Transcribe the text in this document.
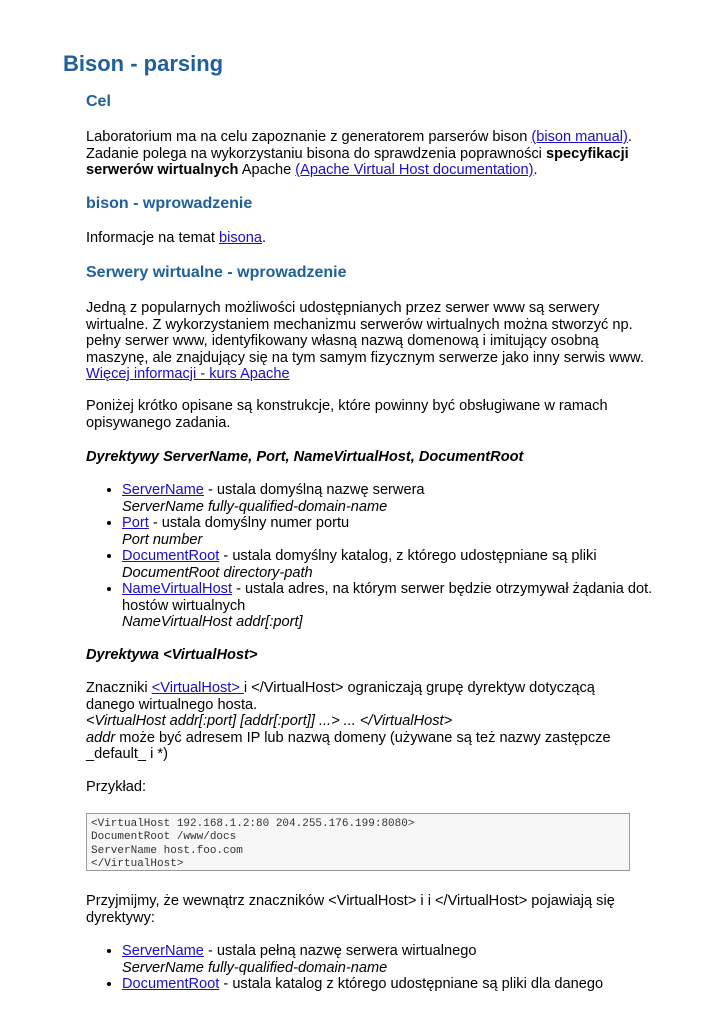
Bison - parsing
Cel

Laboratorium ma na celu zapoznanie z generatorem parserów bison (bison manual). Zadanie polega na wykorzystaniu bisona do sprawdzenia poprawności specyfikacji serwerów wirtualnych Apache (Apache Virtual Host documentation).

bison - wprowadzenie

Informacje na temat bisona.

Serwery wirtualne - wprowadzenie

Jedną z popularnych możliwości udostępnianych przez serwer www są serwery wirtualne. Z wykorzystaniem mechanizmu serwerów wirtualnych można stworzyć np. pełny serwer www, identyfikowany własną nazwą domenową i imitujący osobną maszynę, ale znajdujący się na tym samym fizycznym serwerze jako inny serwis www. Więcej informacji - kurs Apache

Poniżej krótko opisane są konstrukcje, które powinny być obsługiwane w ramach opisywanego zadania.

Dyrektywy ServerName, Port, NameVirtualHost, DocumentRoot

• ServerName - ustala domyślną nazwę serwera
ServerName fully-qualified-domain-name
• Port - ustala domyślny numer portu
Port number
• DocumentRoot - ustala domyślny katalog, z którego udostępniane są pliki
DocumentRoot directory-path
• NameVirtualHost - ustala adres, na którym serwer będzie otrzymywał żądania dot. hostów wirtualnych
NameVirtualHost addr[:port]

Dyrektywa <VirtualHost>

Znaczniki <VirtualHost> i </VirtualHost> ograniczają grupę dyrektyw dotyczącą danego wirtualnego hosta.
<VirtualHost addr[:port] [addr[:port]] ...> ... </VirtualHost>
addr może być adresem IP lub nazwą domeny (używane są też nazwy zastępcze _default_ i *)

Przykład:

<VirtualHost 192.168.1.2:80 204.255.176.199:8080>
DocumentRoot /www/docs
ServerName host.foo.com
</VirtualHost>

Przyjmijmy, że wewnątrz znaczników <VirtualHost> i i </VirtualHost> pojawiają się dyrektywy:

• ServerName - ustala pełną nazwę serwera wirtualnego
ServerName fully-qualified-domain-name
• DocumentRoot - ustala katalog z którego udostępniane są pliki dla danego
